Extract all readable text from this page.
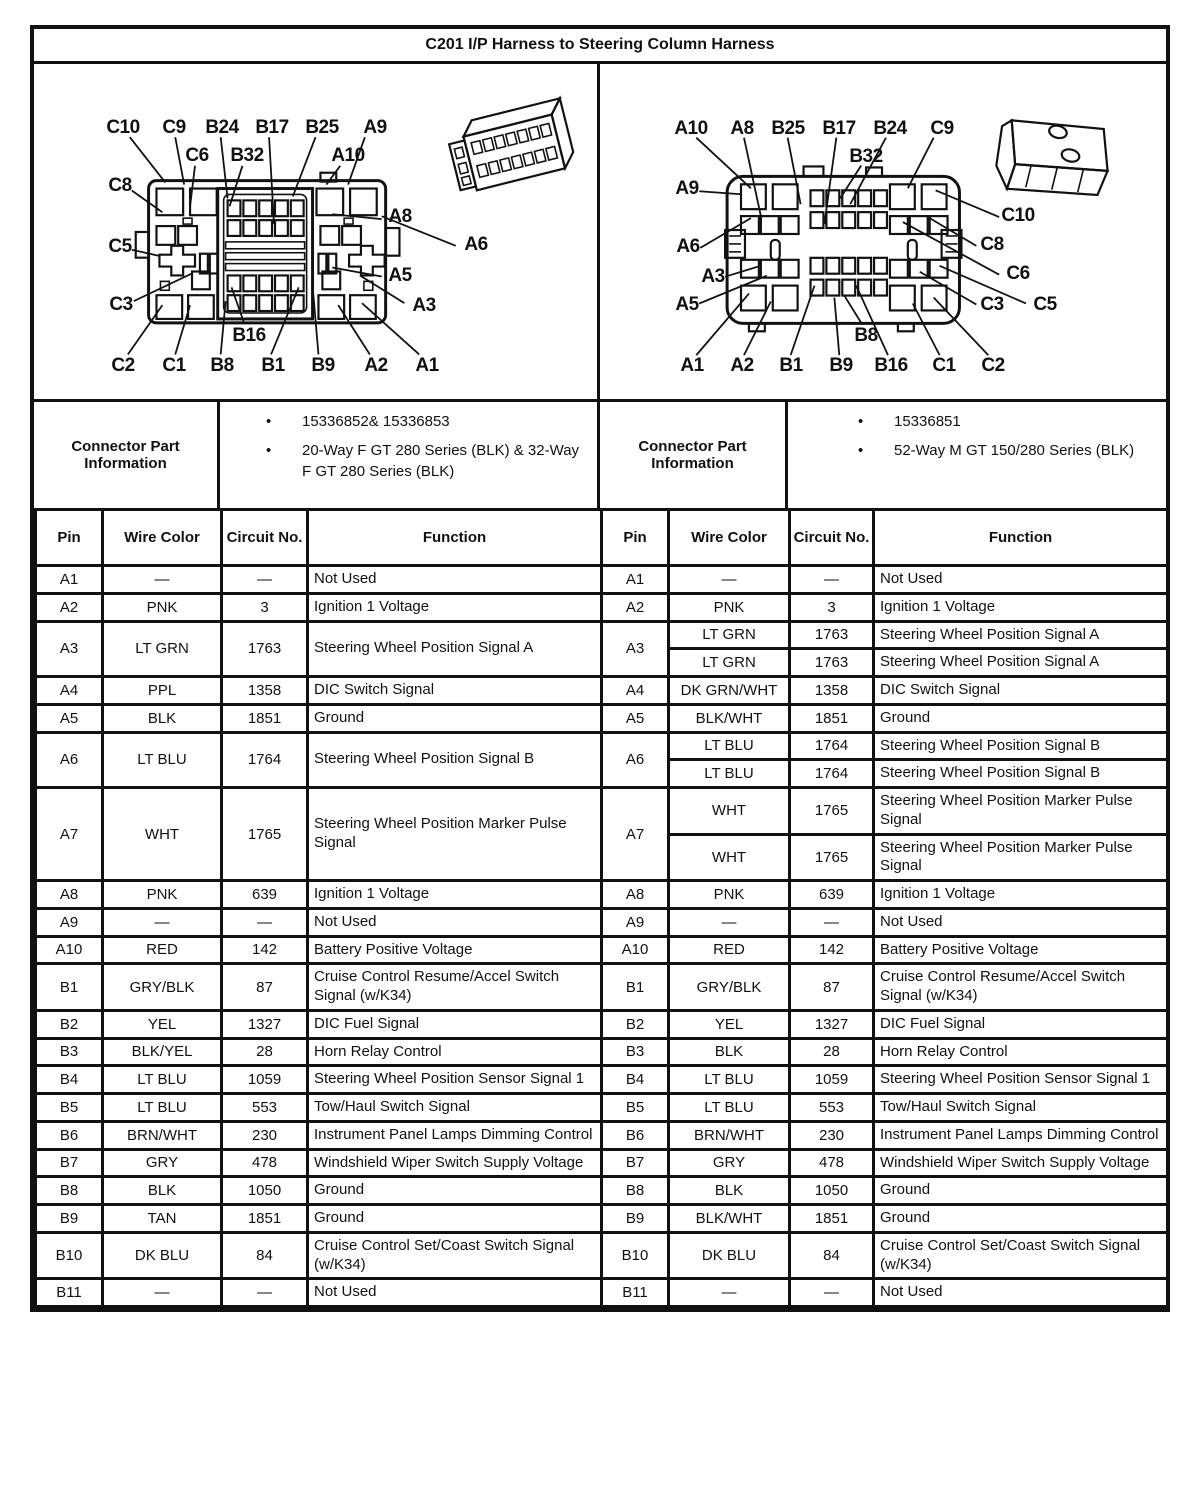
C201 I/P Harness to Steering Column Harness
C10 C9 B24 B17 B25 A9
C6 B32	A10
C8
C5
C3
A8
A6
A5
A3
B16
C2 C1 B8 B1 B9 A2 A1
A10 A8 B25 B17 B24 C9
B32
A9
A6
A3
A5
C10
C8
C6
C5
C3
B8
A1 A2 B1 B9 B16 C1 C2
Connector Part Information
•	15336852& 15336853
•	20-Way F GT 280 Series (BLK) & 32-Way F GT 280 Series (BLK)
Connector Part Information
•	15336851
•	52-Way M GT 150/280 Series (BLK)
Pin	Wire Color	Circuit No.	Function	Pin	Wire Color	Circuit No.	Function
A1	—	—	Not Used	A1	—	—	Not Used
A2	PNK	3	Ignition 1 Voltage	A2	PNK	3	Ignition 1 Voltage
A3	LT GRN	1763	Steering Wheel Position Signal A	A3	LT GRN	1763	Steering Wheel Position Signal A
					LT GRN	1763	Steering Wheel Position Signal A
A4	PPL	1358	DIC Switch Signal	A4	DK GRN/WHT	1358	DIC Switch Signal
A5	BLK	1851	Ground	A5	BLK/WHT	1851	Ground
A6	LT BLU	1764	Steering Wheel Position Signal B	A6	LT BLU	1764	Steering Wheel Position Signal B
					LT BLU	1764	Steering Wheel Position Signal B
A7	WHT	1765	Steering Wheel Position Marker Pulse Signal	A7	WHT	1765	Steering Wheel Position Marker Pulse Signal
					WHT	1765	Steering Wheel Position Marker Pulse Signal
A8	PNK	639	Ignition 1 Voltage	A8	PNK	639	Ignition 1 Voltage
A9	—	—	Not Used	A9	—	—	Not Used
A10	RED	142	Battery Positive Voltage	A10	RED	142	Battery Positive Voltage
B1	GRY/BLK	87	Cruise Control Resume/Accel Switch Signal (w/K34)	B1	GRY/BLK	87	Cruise Control Resume/Accel Switch Signal (w/K34)
B2	YEL	1327	DIC Fuel Signal	B2	YEL	1327	DIC Fuel Signal
B3	BLK/YEL	28	Horn Relay Control	B3	BLK	28	Horn Relay Control
B4	LT BLU	1059	Steering Wheel Position Sensor Signal 1	B4	LT BLU	1059	Steering Wheel Position Sensor Signal 1
B5	LT BLU	553	Tow/Haul Switch Signal	B5	LT BLU	553	Tow/Haul Switch Signal
B6	BRN/WHT	230	Instrument Panel Lamps Dimming Control	B6	BRN/WHT	230	Instrument Panel Lamps Dimming Control
B7	GRY	478	Windshield Wiper Switch Supply Voltage	B7	GRY	478	Windshield Wiper Switch Supply Voltage
B8	BLK	1050	Ground	B8	BLK	1050	Ground
B9	TAN	1851	Ground	B9	BLK/WHT	1851	Ground
B10	DK BLU	84	Cruise Control Set/Coast Switch Signal (w/K34)	B10	DK BLU	84	Cruise Control Set/Coast Switch Signal (w/K34)
B11	—	—	Not Used	B11	—	—	Not Used
